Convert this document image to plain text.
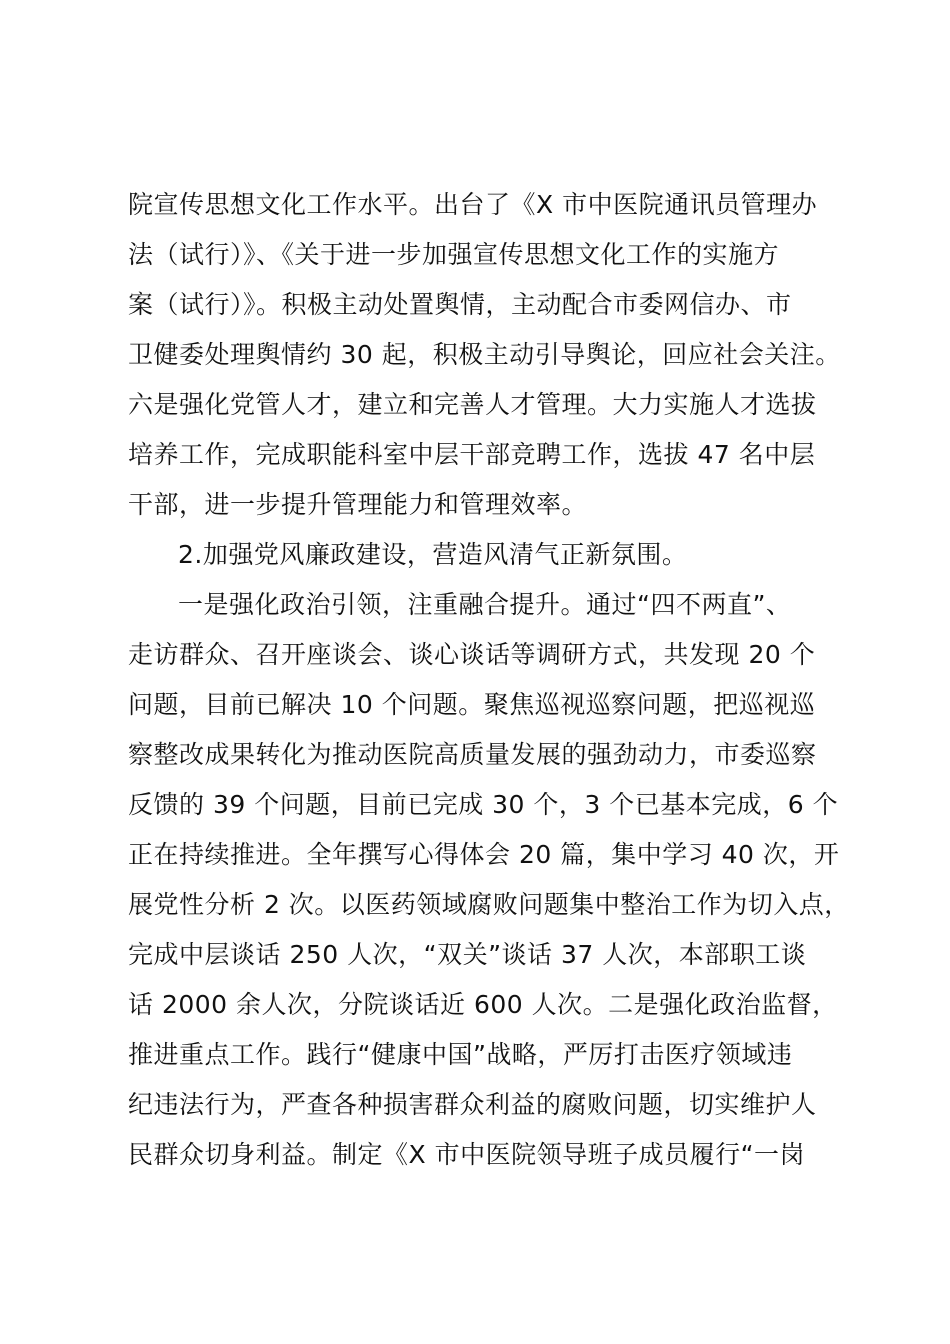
院宣传思想文化工作水平。出台了《X 市中医院通讯员管理办
法（试行）》、《关于进一步加强宣传思想文化工作的实施方
案（试行）》。积极主动处置舆情，主动配合市委网信办、市
卫健委处理舆情约 30 起，积极主动引导舆论，回应社会关注。
六是强化党管人才，建立和完善人才管理。大力实施人才选拔
培养工作，完成职能科室中层干部竞聘工作，选拔 47 名中层
干部，进一步提升管理能力和管理效率。
2.加强党风廉政建设，营造风清气正新氛围。
一是强化政治引领，注重融合提升。通过“四不两直”、
走访群众、召开座谈会、谈心谈话等调研方式，共发现 20 个
问题，目前已解决 10 个问题。聚焦巡视巡察问题，把巡视巡
察整改成果转化为推动医院高质量发展的强劲动力，市委巡察
反馈的 39 个问题，目前已完成 30 个，3 个已基本完成，6 个
正在持续推进。全年撰写心得体会 20 篇，集中学习 40 次，开
展党性分析 2 次。以医药领域腐败问题集中整治工作为切入点，
完成中层谈话 250 人次，“双关”谈话 37 人次，本部职工谈
话 2000 余人次，分院谈话近 600 人次。二是强化政治监督，
推进重点工作。践行“健康中国”战略，严厉打击医疗领域违
纪违法行为，严查各种损害群众利益的腐败问题，切实维护人
民群众切身利益。制定《X 市中医院领导班子成员履行“一岗
